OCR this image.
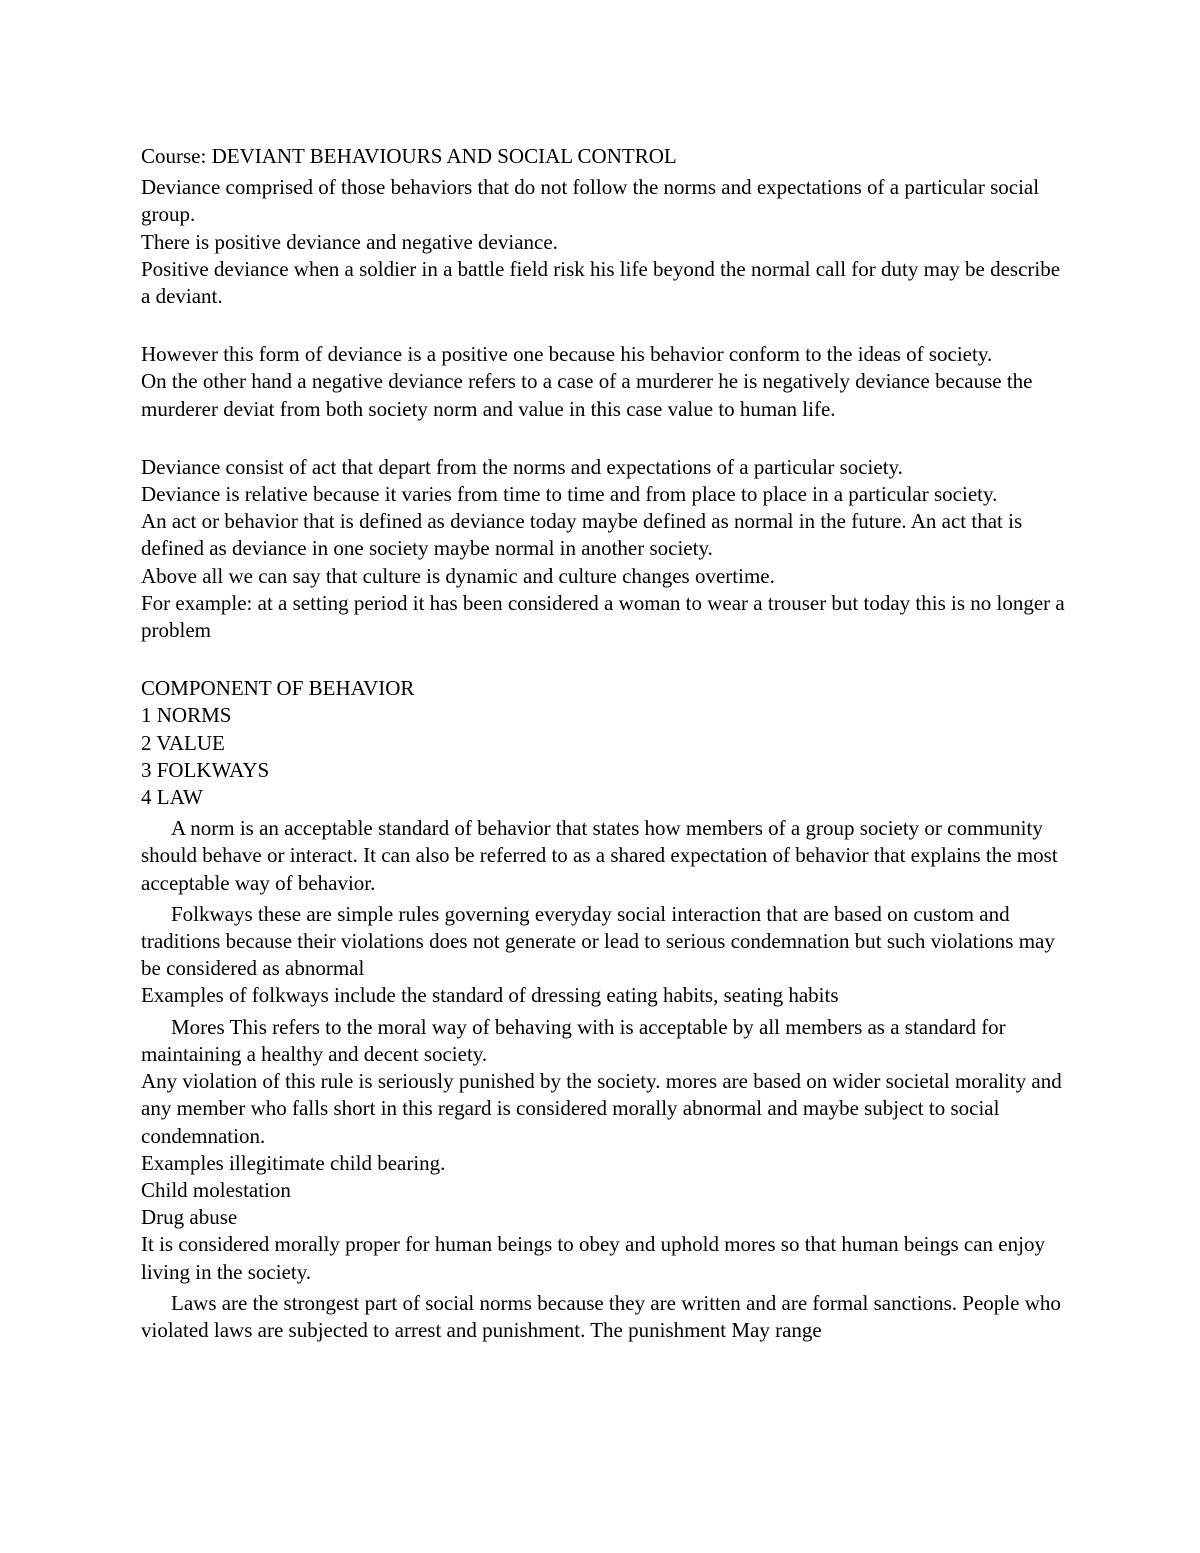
Course: DEVIANT BEHAVIOURS AND SOCIAL CONTROL

Deviance comprised of those behaviors that do not follow the norms and expectations of a particular social group.

There is positive deviance and negative deviance.

Positive deviance when a soldier in a battle field risk his life beyond the normal call for duty may be describe a deviant.

However this form of deviance is a positive one because his behavior conform to the ideas of society.

On the other hand a negative deviance refers to a case of a murderer he is negatively deviance because the murderer deviat from both society norm and value in this case value to human life.

Deviance consist of act that depart from the norms and expectations of a particular society.

Deviance is relative because it varies from time to time and from place to place in a particular society.

An act or behavior that is defined as deviance today maybe defined as normal in the future. An act that is defined as deviance in one society maybe normal in another society.

Above all we can say that culture is dynamic and culture changes overtime.

For example: at a setting period it has been considered a woman to wear a trouser but today this is no longer a problem

COMPONENT OF BEHAVIOR

1 NORMS

2 VALUE

3 FOLKWAYS

4 LAW

A norm is an acceptable standard of behavior that states how members of a group society or community should behave or interact. It can also be referred to as a shared expectation of behavior that explains the most acceptable way of behavior.

Folkways these are simple rules governing everyday social interaction that are based on custom and traditions because their violations does not generate or lead to serious condemnation but such violations may be considered as abnormal

Examples of folkways include the standard of dressing eating habits, seating habits

Mores This refers to the moral way of behaving with is acceptable by all members as a standard for maintaining a healthy and decent society.

Any violation of this rule is seriously punished by the society. mores are based on wider societal morality and any member who falls short in this regard is considered morally abnormal and maybe subject to social condemnation.

Examples illegitimate child bearing.

Child molestation

Drug abuse

It is considered morally proper for human beings to obey and uphold mores so that human beings can enjoy living in the society.

Laws are the strongest part of social norms because they are written and are formal sanctions. People who violated laws are subjected to arrest and punishment. The punishment May range
